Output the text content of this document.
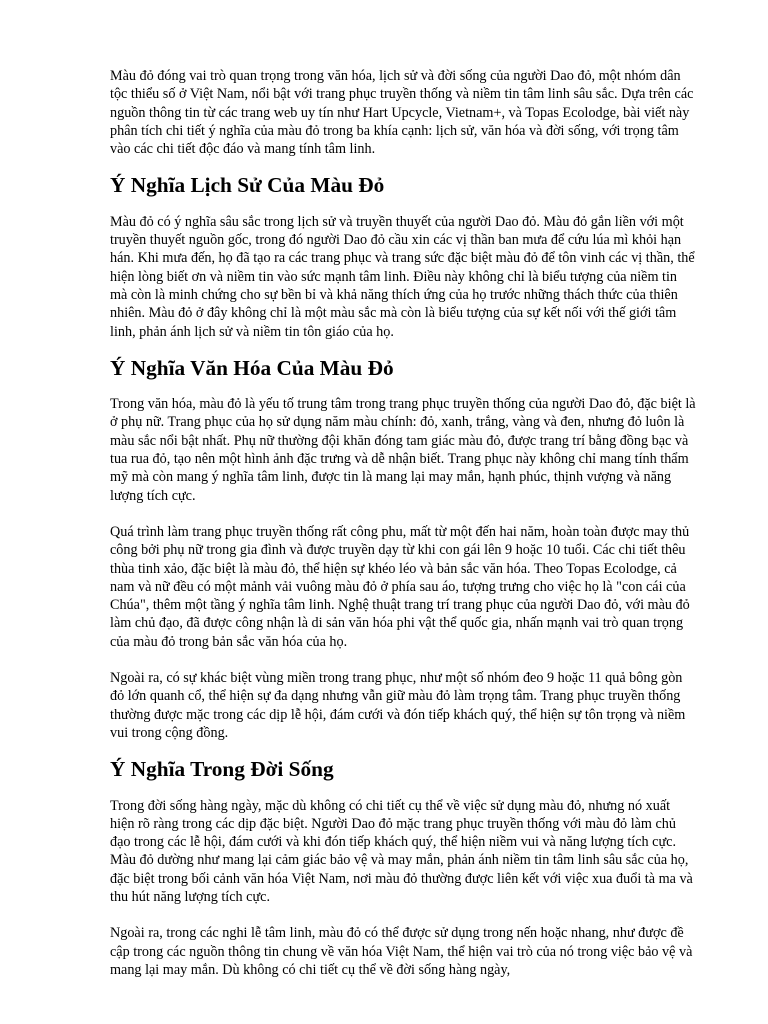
Màu đỏ đóng vai trò quan trọng trong văn hóa, lịch sử và đời sống của người Dao đỏ, một nhóm dân tộc thiểu số ở Việt Nam, nổi bật với trang phục truyền thống và niềm tin tâm linh sâu sắc. Dựa trên các nguồn thông tin từ các trang web uy tín như Hart Upcycle, Vietnam+, và Topas Ecolodge, bài viết này phân tích chi tiết ý nghĩa của màu đỏ trong ba khía cạnh: lịch sử, văn hóa và đời sống, với trọng tâm vào các chi tiết độc đáo và mang tính tâm linh.

Ý Nghĩa Lịch Sử Của Màu Đỏ

Màu đỏ có ý nghĩa sâu sắc trong lịch sử và truyền thuyết của người Dao đỏ. Màu đỏ gắn liền với một truyền thuyết nguồn gốc, trong đó người Dao đỏ cầu xin các vị thần ban mưa để cứu lúa mì khỏi hạn hán. Khi mưa đến, họ đã tạo ra các trang phục và trang sức đặc biệt màu đỏ để tôn vinh các vị thần, thể hiện lòng biết ơn và niềm tin vào sức mạnh tâm linh. Điều này không chỉ là biểu tượng của niềm tin mà còn là minh chứng cho sự bền bỉ và khả năng thích ứng của họ trước những thách thức của thiên nhiên. Màu đỏ ở đây không chỉ là một màu sắc mà còn là biểu tượng của sự kết nối với thế giới tâm linh, phản ánh lịch sử và niềm tin tôn giáo của họ.

Ý Nghĩa Văn Hóa Của Màu Đỏ

Trong văn hóa, màu đỏ là yếu tố trung tâm trong trang phục truyền thống của người Dao đỏ, đặc biệt là ở phụ nữ. Trang phục của họ sử dụng năm màu chính: đỏ, xanh, trắng, vàng và đen, nhưng đỏ luôn là màu sắc nổi bật nhất. Phụ nữ thường đội khăn đóng tam giác màu đỏ, được trang trí bằng đồng bạc và tua rua đỏ, tạo nên một hình ảnh đặc trưng và dễ nhận biết. Trang phục này không chỉ mang tính thẩm mỹ mà còn mang ý nghĩa tâm linh, được tin là mang lại may mắn, hạnh phúc, thịnh vượng và năng lượng tích cực.

Quá trình làm trang phục truyền thống rất công phu, mất từ một đến hai năm, hoàn toàn được may thủ công bởi phụ nữ trong gia đình và được truyền dạy từ khi con gái lên 9 hoặc 10 tuổi. Các chi tiết thêu thùa tinh xảo, đặc biệt là màu đỏ, thể hiện sự khéo léo và bản sắc văn hóa. Theo Topas Ecolodge, cả nam và nữ đều có một mảnh vải vuông màu đỏ ở phía sau áo, tượng trưng cho việc họ là "con cái của Chúa", thêm một tầng ý nghĩa tâm linh. Nghệ thuật trang trí trang phục của người Dao đỏ, với màu đỏ làm chủ đạo, đã được công nhận là di sản văn hóa phi vật thể quốc gia, nhấn mạnh vai trò quan trọng của màu đỏ trong bản sắc văn hóa của họ.

Ngoài ra, có sự khác biệt vùng miền trong trang phục, như một số nhóm đeo 9 hoặc 11 quả bông gòn đỏ lớn quanh cổ, thể hiện sự đa dạng nhưng vẫn giữ màu đỏ làm trọng tâm. Trang phục truyền thống thường được mặc trong các dịp lễ hội, đám cưới và đón tiếp khách quý, thể hiện sự tôn trọng và niềm vui trong cộng đồng.

Ý Nghĩa Trong Đời Sống

Trong đời sống hàng ngày, mặc dù không có chi tiết cụ thể về việc sử dụng màu đỏ, nhưng nó xuất hiện rõ ràng trong các dịp đặc biệt. Người Dao đỏ mặc trang phục truyền thống với màu đỏ làm chủ đạo trong các lễ hội, đám cưới và khi đón tiếp khách quý, thể hiện niềm vui và năng lượng tích cực. Màu đỏ dường như mang lại cảm giác bảo vệ và may mắn, phản ánh niềm tin tâm linh sâu sắc của họ, đặc biệt trong bối cảnh văn hóa Việt Nam, nơi màu đỏ thường được liên kết với việc xua đuổi tà ma và thu hút năng lượng tích cực.

Ngoài ra, trong các nghi lễ tâm linh, màu đỏ có thể được sử dụng trong nến hoặc nhang, như được đề cập trong các nguồn thông tin chung về văn hóa Việt Nam, thể hiện vai trò của nó trong việc bảo vệ và mang lại may mắn. Dù không có chi tiết cụ thể về đời sống hàng ngày,
